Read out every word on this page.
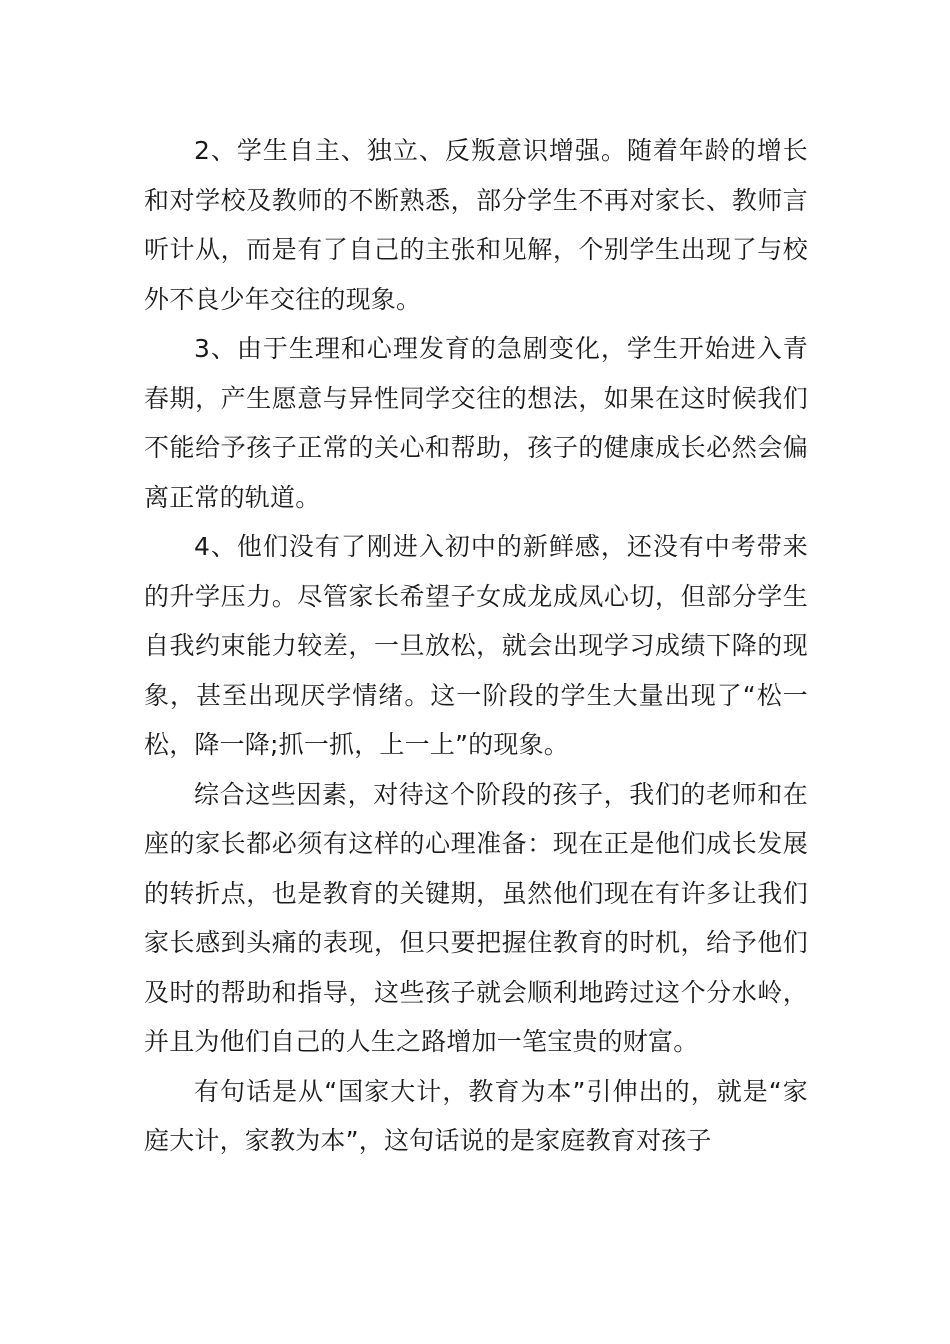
2、学生自主、独立、反叛意识增强。随着年龄的增长和对学校及教师的不断熟悉，部分学生不再对家长、教师言听计从，而是有了自己的主张和见解，个别学生出现了与校外不良少年交往的现象。

3、由于生理和心理发育的急剧变化，学生开始进入青春期，产生愿意与异性同学交往的想法，如果在这时候我们不能给予孩子正常的关心和帮助，孩子的健康成长必然会偏离正常的轨道。

4、他们没有了刚进入初中的新鲜感，还没有中考带来的升学压力。尽管家长希望子女成龙成凤心切，但部分学生自我约束能力较差，一旦放松，就会出现学习成绩下降的现象，甚至出现厌学情绪。这一阶段的学生大量出现了“松一松，降一降;抓一抓，上一上”的现象。

综合这些因素，对待这个阶段的孩子，我们的老师和在座的家长都必须有这样的心理准备：现在正是他们成长发展的转折点，也是教育的关键期，虽然他们现在有许多让我们家长感到头痛的表现，但只要把握住教育的时机，给予他们及时的帮助和指导，这些孩子就会顺利地跨过这个分水岭，并且为他们自己的人生之路增加一笔宝贵的财富。

有句话是从“国家大计，教育为本”引伸出的，就是“家庭大计，家教为本”，这句话说的是家庭教育对孩子
